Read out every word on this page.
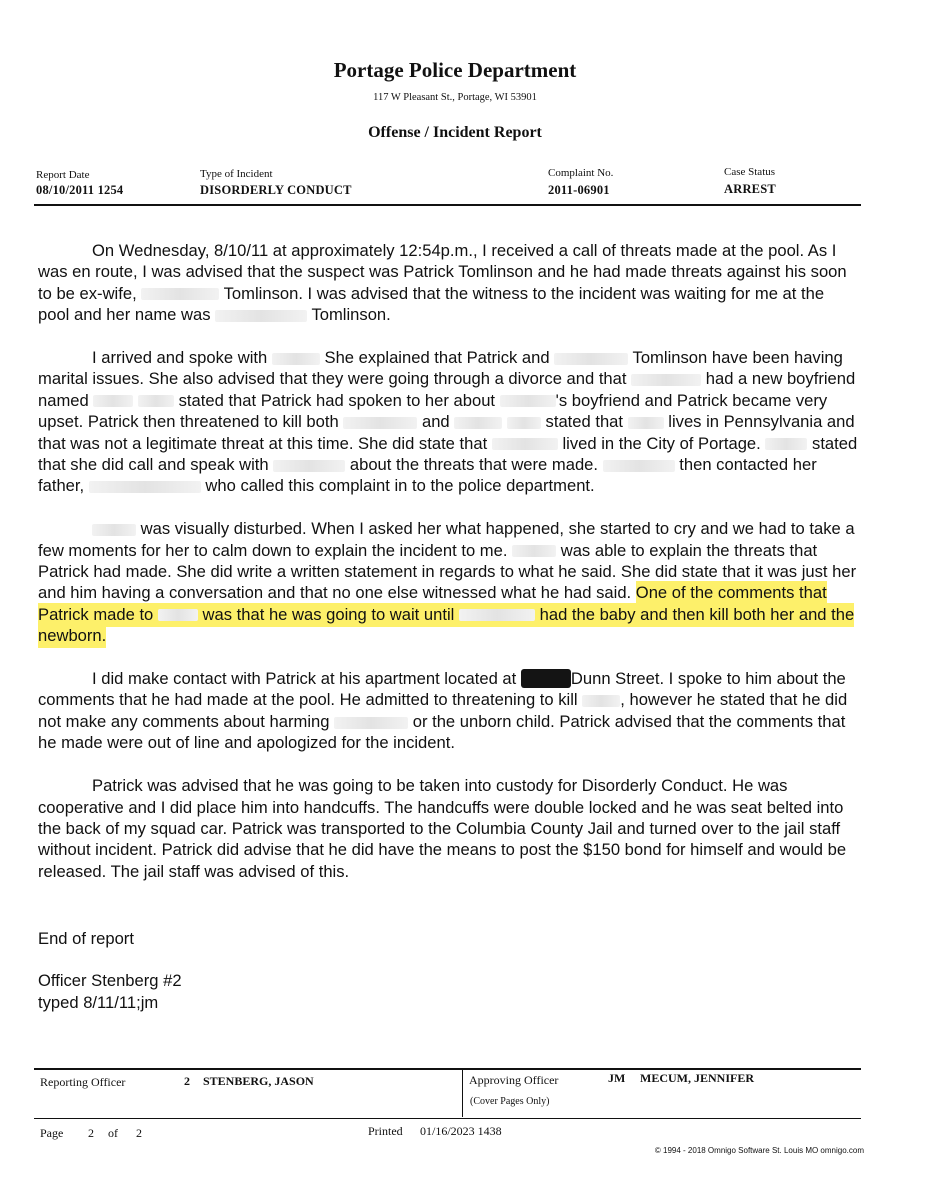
Portage Police Department
117 W Pleasant St., Portage, WI 53901
Offense / Incident Report
Report Date
08/10/2011 1254
Type of Incident
DISORDERLY CONDUCT
Complaint No.
2011-06901
Case Status
ARREST

On Wednesday, 8/10/11 at approximately 12:54p.m., I received a call of threats made at the pool. As I was en route, I was advised that the suspect was Patrick Tomlinson and he had made threats against his soon to be ex-wife,	Tomlinson. I was advised that the witness to the incident was waiting for me at the pool and her name was	Tomlinson.

I arrived and spoke with	She explained that Patrick and	Tomlinson have been having marital issues. She also advised that they were going through a divorce and that	had a new boyfriend named	stated that Patrick had spoken to her about	's boyfriend and Patrick became very upset. Patrick then threatened to kill both	and	stated that	lives in Pennsylvania and that was not a legitimate threat at this time. She did state that	lived in the City of Portage.	stated that she did call and speak with	about the threats that were made.	then contacted her father,	who called this complaint in to the police department.

was visually disturbed. When I asked her what happened, she started to cry and we had to take a few moments for her to calm down to explain the incident to me.	was able to explain the threats that Patrick had made. She did write a written statement in regards to what he said. She did state that it was just her and him having a conversation and that no one else witnessed what he had said. One of the comments that Patrick made to	was that he was going to wait until	had the baby and then kill both her and the newborn.

I did make contact with Patrick at his apartment located at	Dunn Street. I spoke to him about the comments that he had made at the pool. He admitted to threatening to kill	, however he stated that he did not make any comments about harming	or the unborn child. Patrick advised that the comments that he made were out of line and apologized for the incident.

Patrick was advised that he was going to be taken into custody for Disorderly Conduct. He was cooperative and I did place him into handcuffs. The handcuffs were double locked and he was seat belted into the back of my squad car. Patrick was transported to the Columbia County Jail and turned over to the jail staff without incident. Patrick did advise that he did have the means to post the $150 bond for himself and would be released. The jail staff was advised of this.

End of report
Officer Stenberg #2
typed 8/11/11;jm
Reporting Officer	2 STENBERG, JASON	Approving Officer	JM MECUM, JENNIFER
(Cover Pages Only)
Page 2 of 2	Printed 01/16/2023 1438
© 1994 - 2018 Omnigo Software St. Louis MO omnigo.com
